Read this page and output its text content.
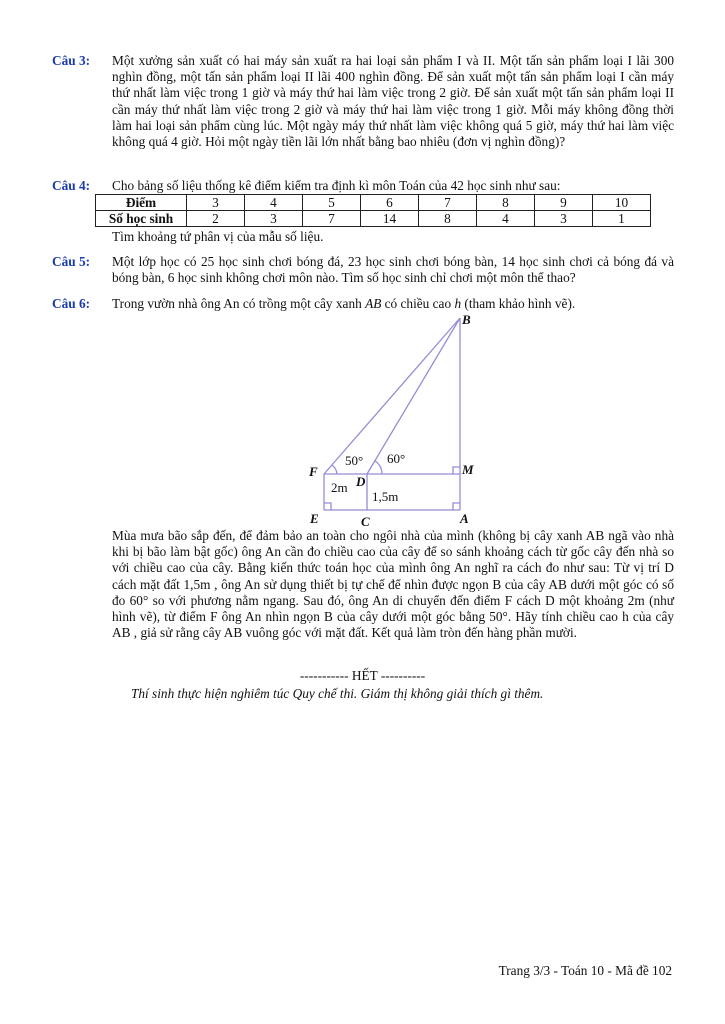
Câu 3: Một xưởng sản xuất có hai máy sản xuất ra hai loại sản phẩm I và II. Một tấn sản phẩm loại I lãi 300 nghìn đồng, một tấn sản phẩm loại II lãi 400 nghìn đồng. Để sản xuất một tấn sản phẩm loại I cần máy thứ nhất làm việc trong 1 giờ và máy thứ hai làm việc trong 2 giờ. Để sản xuất một tấn sản phẩm loại II cần máy thứ nhất làm việc trong 2 giờ và máy thứ hai làm việc trong 1 giờ. Mỗi máy không đồng thời làm hai loại sản phẩm cùng lúc. Một ngày máy thứ nhất làm việc không quá 5 giờ, máy thứ hai làm việc không quá 4 giờ. Hỏi một ngày tiền lãi lớn nhất bằng bao nhiêu (đơn vị nghìn đồng)?

Câu 4: Cho bảng số liệu thống kê điểm kiểm tra định kì môn Toán của 42 học sinh như sau:
Điểm	3	4	5	6	7	8	9	10
Số học sinh	2	3	7	14	8	4	3	1
Tìm khoảng tứ phân vị của mẫu số liệu.
Câu 5: Một lớp học có 25 học sinh chơi bóng đá, 23 học sinh chơi bóng bàn, 14 học sinh chơi cả bóng đá và bóng bàn, 6 học sinh không chơi môn nào. Tìm số học sinh chỉ chơi một môn thể thao?
Câu 6: Trong vườn nhà ông An có trồng một cây xanh AB có chiều cao h (tham khảo hình vẽ).
B
F
D
M
E	C	A
50° 60°
2m
1,5m
Mùa mưa bão sắp đến, để đảm bảo an toàn cho ngôi nhà của mình (không bị cây xanh AB ngã vào nhà khi bị bão làm bật gốc) ông An cần đo chiều cao của cây để so sánh khoảng cách từ gốc cây đến nhà so với chiều cao của cây. Bằng kiến thức toán học của mình ông An nghĩ ra cách đo như sau: Từ vị trí D cách mặt đất 1,5m , ông An sử dụng thiết bị tự chế để nhìn được ngọn B của cây AB dưới một góc có số đo 60° so với phương nằm ngang. Sau đó, ông An di chuyển đến điểm F cách D một khoảng 2m (như hình vẽ), từ điểm F ông An nhìn ngọn B của cây dưới một góc bằng 50°. Hãy tính chiều cao h của cây AB , giả sử rằng cây AB vuông góc với mặt đất. Kết quả làm tròn đến hàng phần mười.
----------- HẾT ----------
Thí sinh thực hiện nghiêm túc Quy chế thi. Giám thị không giải thích gì thêm.
Trang 3/3 - Toán 10 - Mã đề 102
